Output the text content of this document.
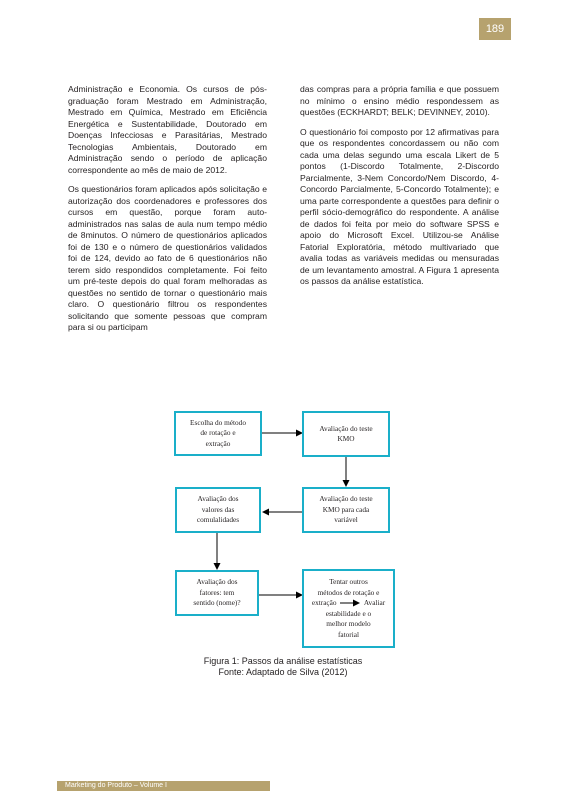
189

Administração e Economia. Os cursos de pós-graduação foram Mestrado em Administração, Mestrado em Química, Mestrado em Eficiência Energética e Sustentabilidade, Doutorado em Doenças Infecciosas e Parasitárias, Mestrado Tecnologias Ambientais, Doutorado em Administração sendo o período de aplicação correspondente ao mês de maio de 2012.

Os questionários foram aplicados após solicitação e autorização dos coordenadores e professores dos cursos em questão, porque foram auto-administrados nas salas de aula num tempo médio de 8minutos. O número de questionários aplicados foi de 130 e o número de questionários validados foi de 124, devido ao fato de 6 questionários não terem sido respondidos completamente. Foi feito um pré-teste depois do qual foram melhoradas as questões no sentido de tornar o questionário mais claro. O questionário filtrou os respondentes solicitando que somente pessoas que compram para si ou participam

das compras para a própria família e que possuem no mínimo o ensino médio respondessem as questões (ECKHARDT; BELK; DEVINNEY, 2010).

O questionário foi composto por 12 afirmativas para que os respondentes concordassem ou não com cada uma delas segundo uma escala Likert de 5 pontos (1-Discordo Totalmente, 2-Discordo Parcialmente, 3-Nem Concordo/Nem Discordo, 4-Concordo Parcialmente, 5-Concordo Totalmente); e uma parte correspondente a questões para definir o perfil sócio-demográfico do respondente. A análise de dados foi feita por meio do software SPSS e apoio do Microsoft Excel. Utilizou-se Análise Fatorial Exploratória, método multivariado que avalia todas as variáveis medidas ou mensuradas de um levantamento amostral. A Figura 1 apresenta os passos da análise estatística.

Escolha do método
de rotação e
extração
Avaliação do teste
KMO
Avaliação do teste
KMO para cada
variável
Avaliação dos
valores das
comulalidades
Avaliação dos
fatores: tem
sentido (nome)?
Tentar outros
métodos de rotação e
extração	Avaliar
estabilidade e o
melhor modelo
fatorial
Figura 1: Passos da análise estatísticas
Fonte: Adaptado de Silva (2012)
Marketing do Produto – Volume I
